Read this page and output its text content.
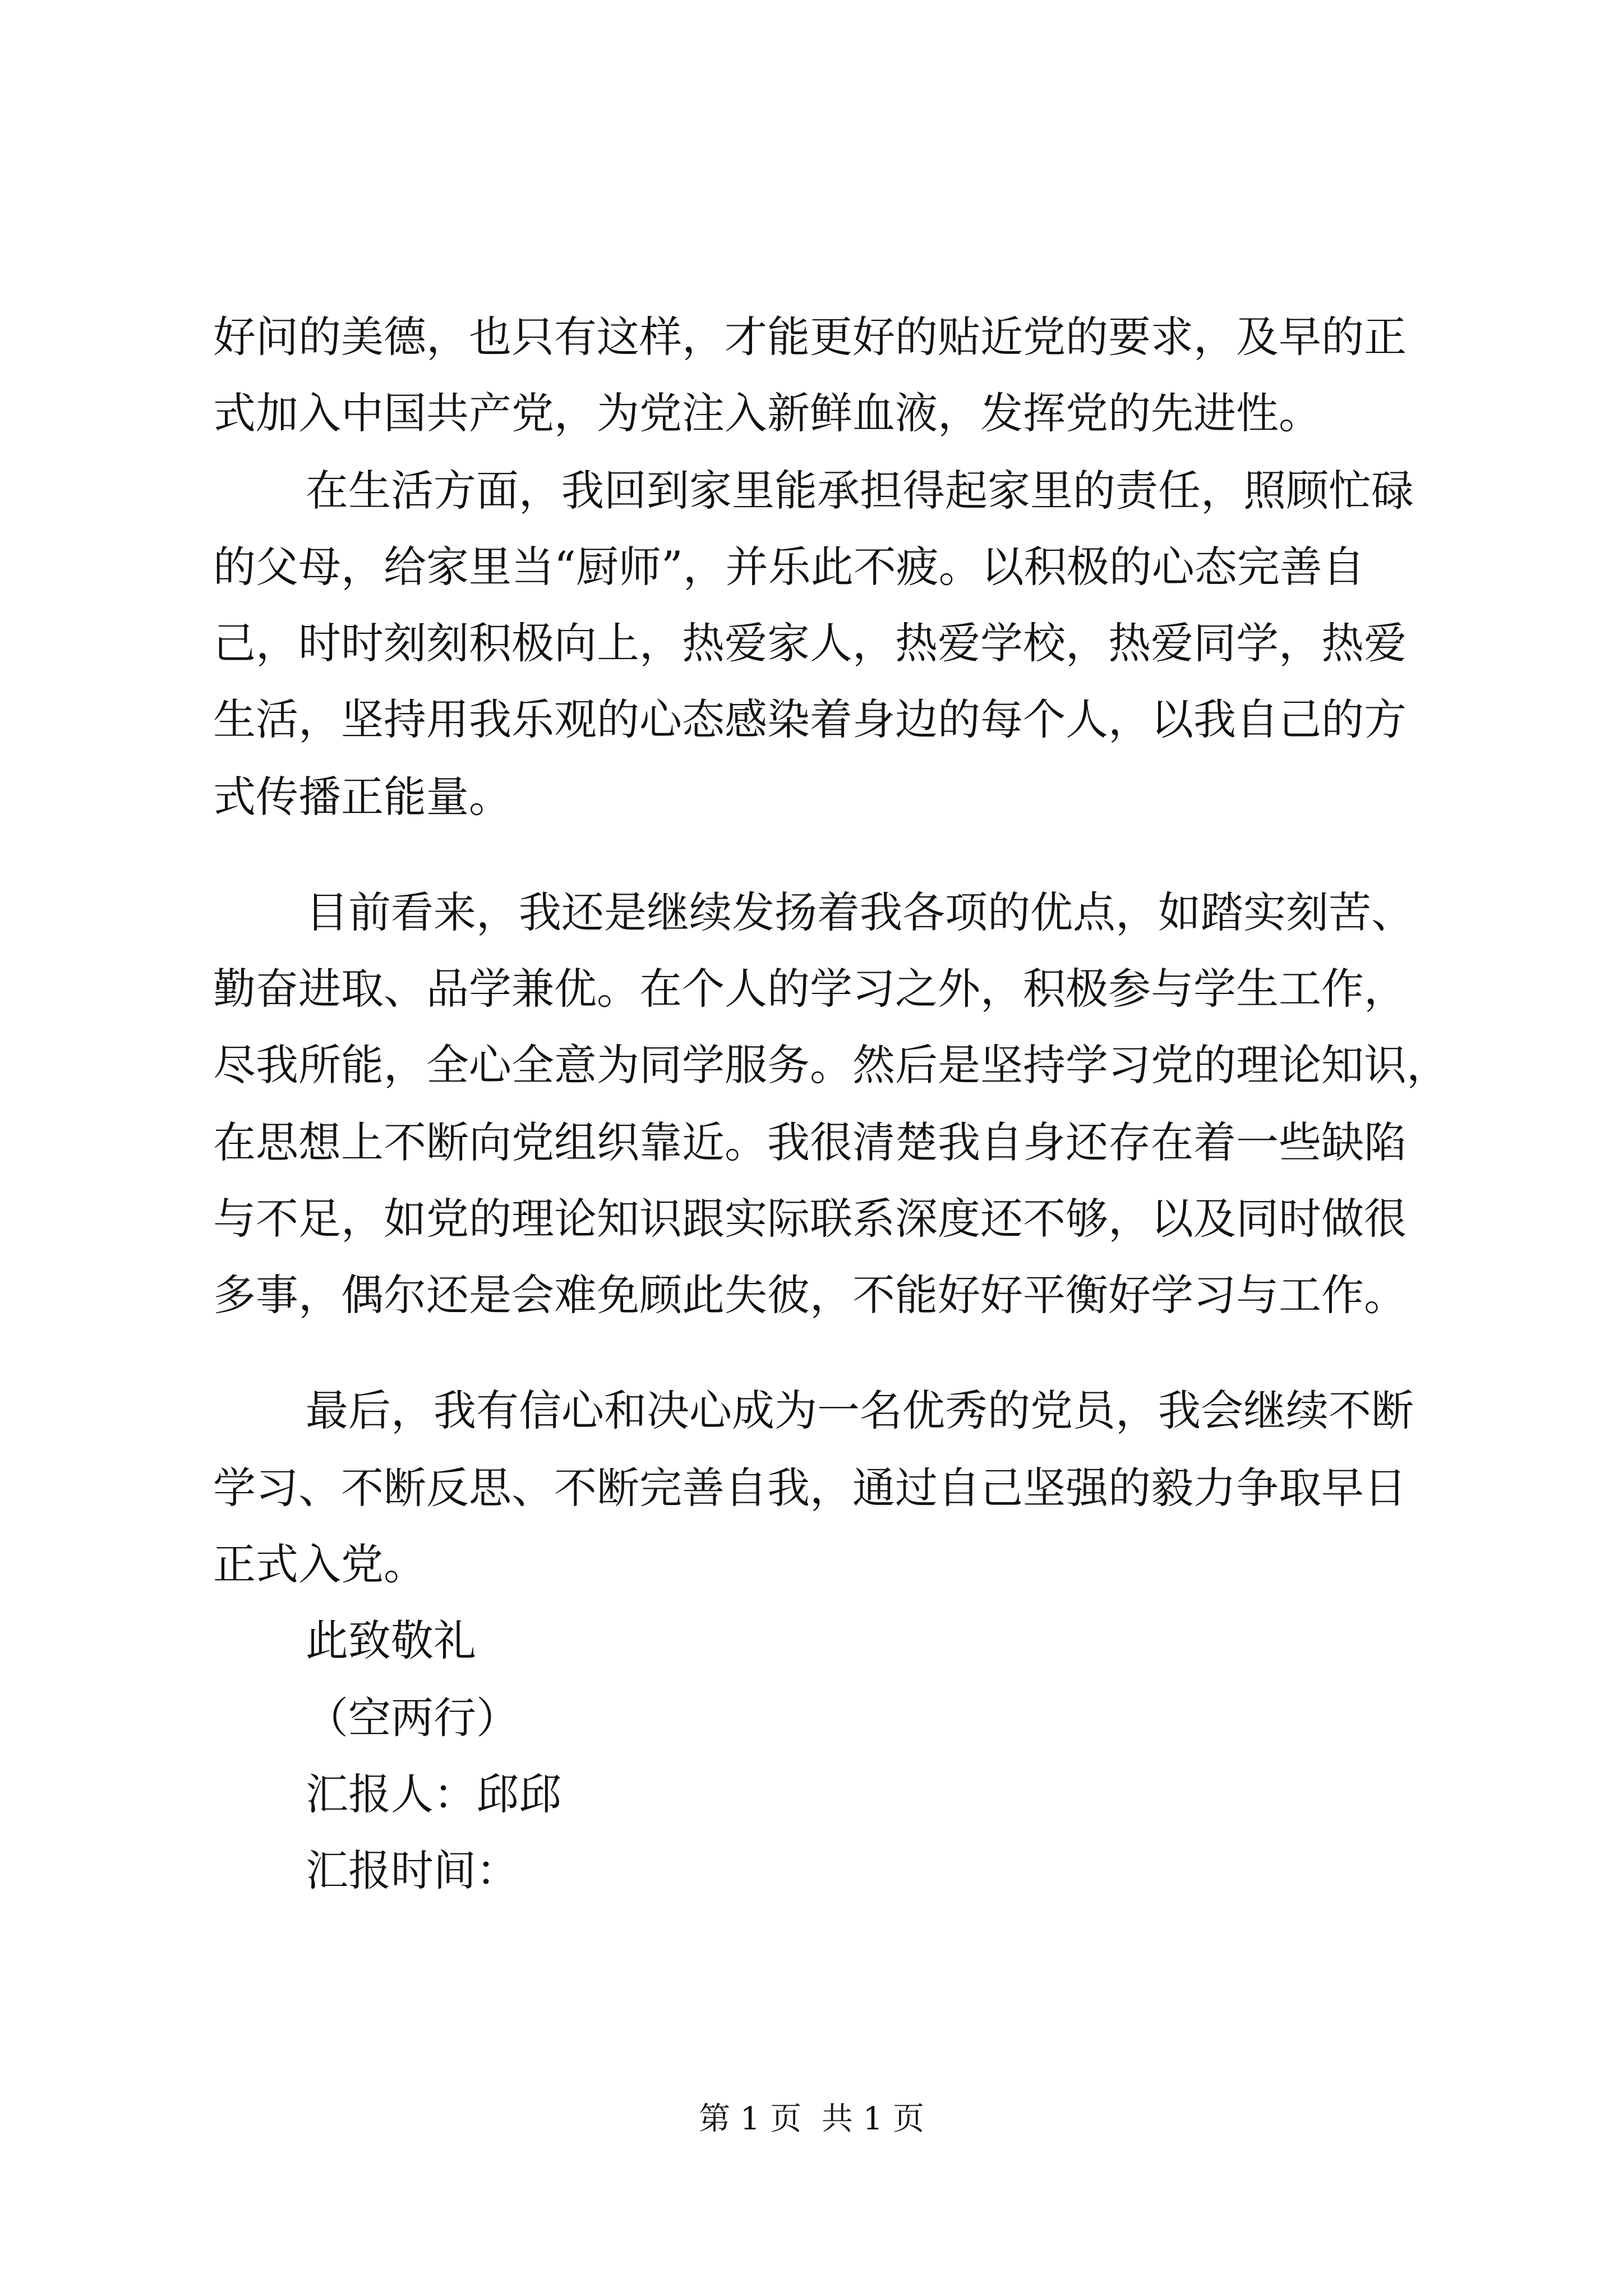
好问的美德，也只有这样，才能更好的贴近党的要求，及早的正
式加入中国共产党，为党注入新鲜血液，发挥党的先进性。
在生活方面，我回到家里能承担得起家里的责任，照顾忙碌
的父母，给家里当“厨师”，并乐此不疲。以积极的心态完善自
己，时时刻刻积极向上，热爱家人，热爱学校，热爱同学，热爱
生活，坚持用我乐观的心态感染着身边的每个人，以我自己的方
式传播正能量。
目前看来，我还是继续发扬着我各项的优点，如踏实刻苦、
勤奋进取、品学兼优。在个人的学习之外，积极参与学生工作，
尽我所能，全心全意为同学服务。然后是坚持学习党的理论知识，
在思想上不断向党组织靠近。我很清楚我自身还存在着一些缺陷
与不足，如党的理论知识跟实际联系深度还不够，以及同时做很
多事，偶尔还是会难免顾此失彼，不能好好平衡好学习与工作。
最后，我有信心和决心成为一名优秀的党员，我会继续不断
学习、不断反思、不断完善自我，通过自己坚强的毅力争取早日
正式入党。
此致敬礼
（空两行）
汇报人：邱邱
汇报时间：
第 1 页  共 1 页
